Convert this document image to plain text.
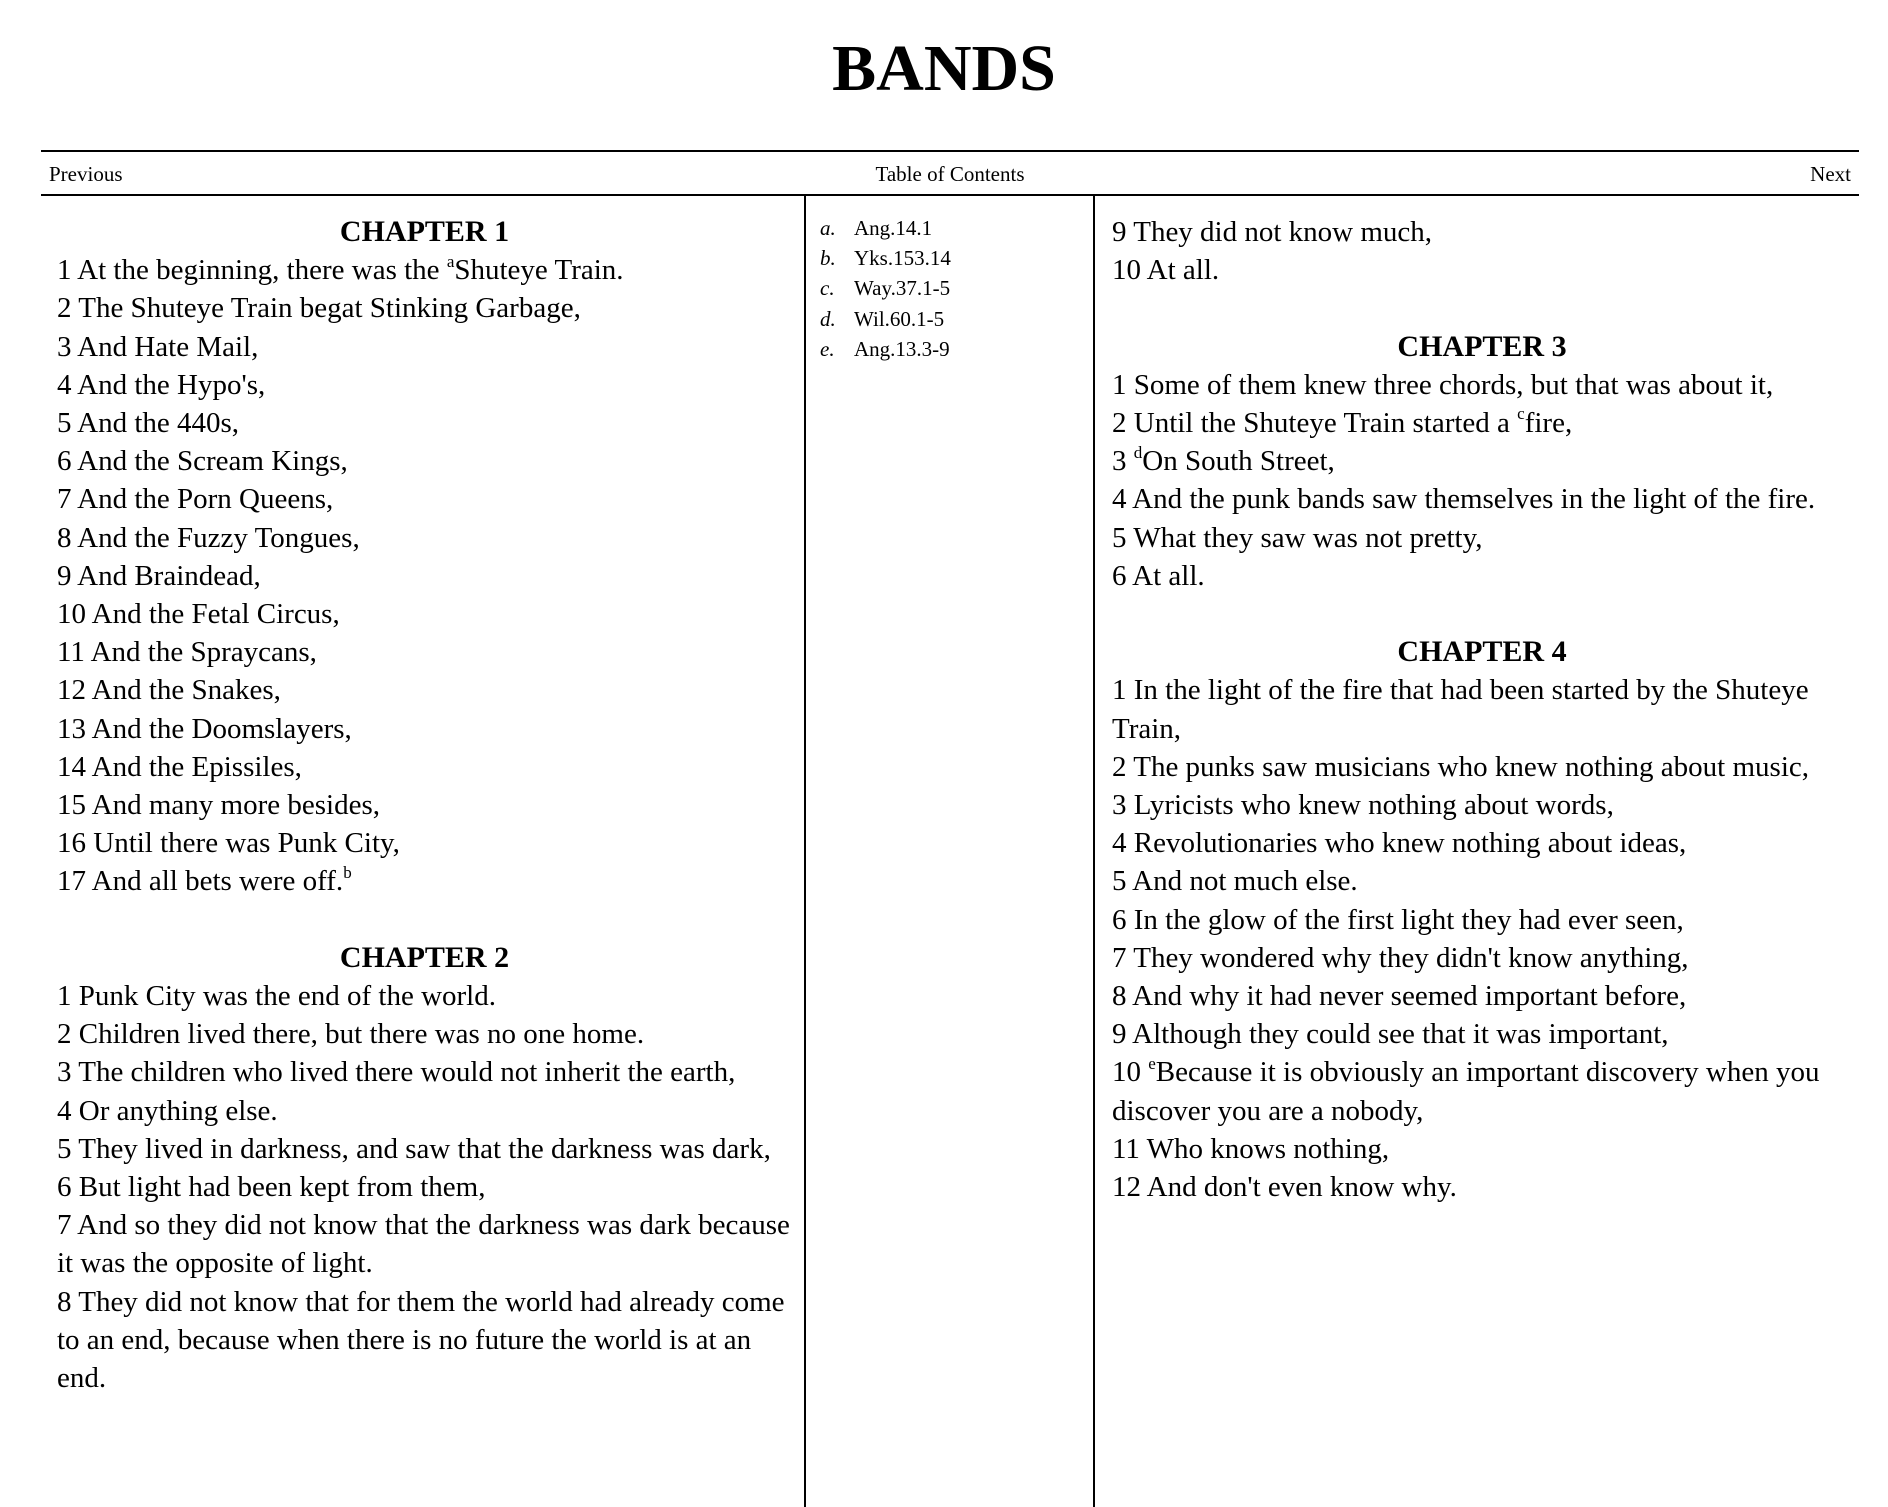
BANDS
Previous	Table of Contents	Next

CHAPTER 1

1 At the beginning, there was the $^a$Shuteye Train.

2 The Shuteye Train begat Stinking Garbage,

3 And Hate Mail,

4 And the Hypo's,

5 And the 440s,

6 And the Scream Kings,

7 And the Porn Queens,

8 And the Fuzzy Tongues,

9 And Braindead,

10 And the Fetal Circus,

11 And the Spraycans,

12 And the Snakes,

13 And the Doomslayers,

14 And the Epissiles,

15 And many more besides,

16 Until there was Punk City,

17 And all bets were off.$^b$

CHAPTER 2

1 Punk City was the end of the world.

2 Children lived there, but there was no one home.

3 The children who lived there would not inherit the earth,

4 Or anything else.

5 They lived in darkness, and saw that the darkness was dark,

6 But light had been kept from them,

7 And so they did not know that the darkness was dark because it was the opposite of light.

8 They did not know that for them the world had already come to an end, because when there is no future the world is at an end.

a. Ang.14.1
b. Yks.153.14
c. Way.37.1-5
d. Wil.60.1-5
e. Ang.13.3-9

9 They did not know much,

10 At all.

CHAPTER 3

1 Some of them knew three chords, but that was about it,

2 Until the Shuteye Train started a $^c$fire,

3 $^d$On South Street,

4 And the punk bands saw themselves in the light of the fire.

5 What they saw was not pretty,

6 At all.

CHAPTER 4

1 In the light of the fire that had been started by the Shuteye Train,

2 The punks saw musicians who knew nothing about music,

3 Lyricists who knew nothing about words,

4 Revolutionaries who knew nothing about ideas,

5 And not much else.

6 In the glow of the first light they had ever seen,

7 They wondered why they didn't know anything,

8 And why it had never seemed important before,

9 Although they could see that it was important,

10 $^e$Because it is obviously an important discovery when you discover you are a nobody,

11 Who knows nothing,

12 And don't even know why.
